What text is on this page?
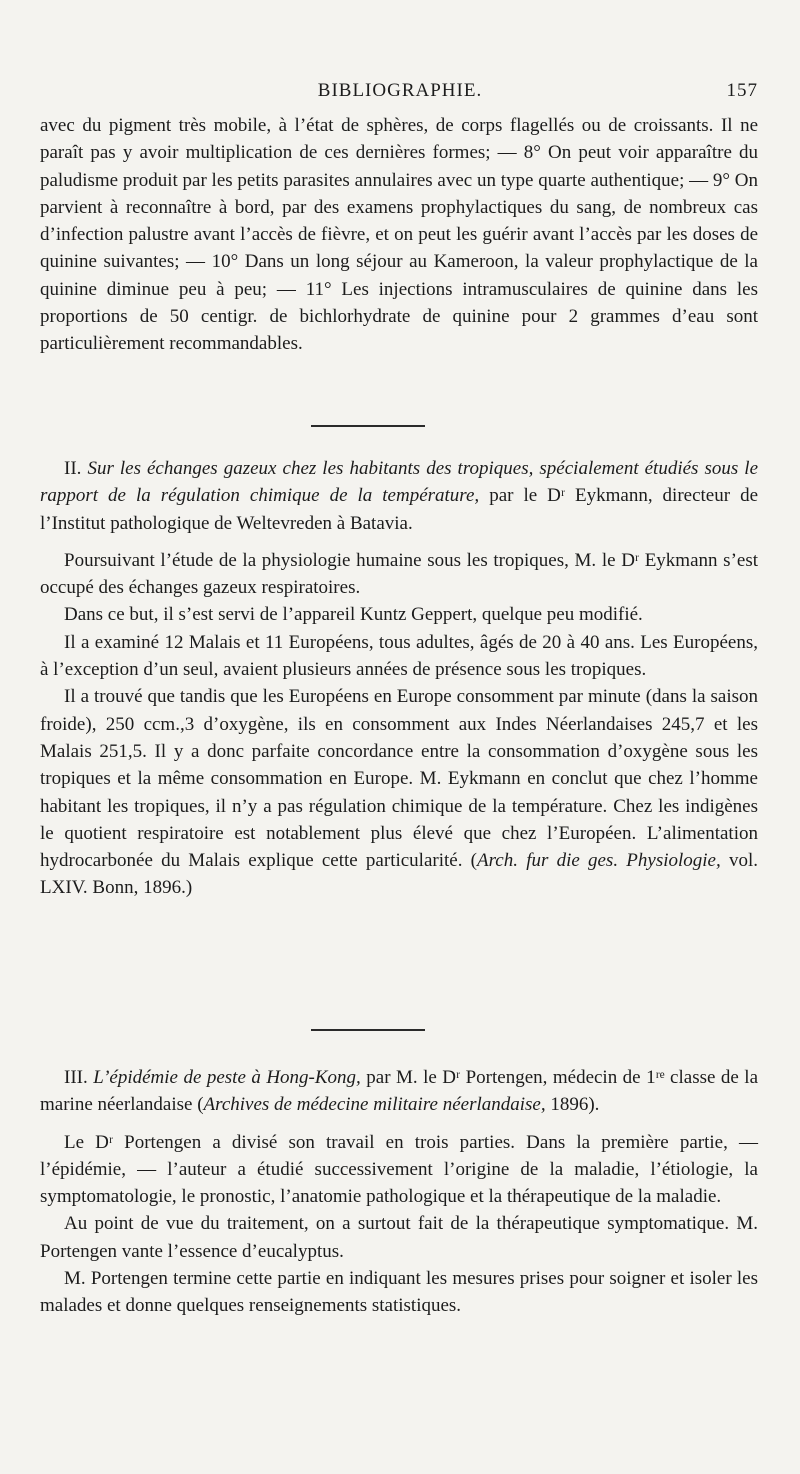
BIBLIOGRAPHIE.	157

avec du pigment très mobile, à l’état de sphères, de corps flagellés ou de croissants. Il ne paraît pas y avoir multiplication de ces dernières formes; — 8° On peut voir apparaître du paludisme produit par les petits parasites annulaires avec un type quarte authentique; — 9° On parvient à reconnaître à bord, par des examens prophylactiques du sang, de nombreux cas d’infection palustre avant l’accès de fièvre, et on peut les guérir avant l’accès par les doses de quinine suivantes; — 10° Dans un long séjour au Kameroon, la valeur prophylactique de la quinine diminue peu à peu; — 11° Les injections intramusculaires de quinine dans les proportions de 50 centigr. de bichlorhydrate de quinine pour 2 grammes d’eau sont particulièrement recommandables.

II. Sur les échanges gazeux chez les habitants des tropiques, spécialement étudiés sous le rapport de la régulation chimique de la température, par le Dʳ Eykmann, directeur de l’Institut pathologique de Weltevreden à Batavia.

Poursuivant l’étude de la physiologie humaine sous les tropiques, M. le Dʳ Eykmann s’est occupé des échanges gazeux respiratoires.

Dans ce but, il s’est servi de l’appareil Kuntz Geppert, quelque peu modifié.

Il a examiné 12 Malais et 11 Européens, tous adultes, âgés de 20 à 40 ans. Les Européens, à l’exception d’un seul, avaient plusieurs années de présence sous les tropiques.

Il a trouvé que tandis que les Européens en Europe consomment par minute (dans la saison froide), 250 ccm.,3 d’oxygène, ils en consomment aux Indes Néerlandaises 245,7 et les Malais 251,5. Il y a donc parfaite concordance entre la consommation d’oxygène sous les tropiques et la même consommation en Europe. M. Eykmann en conclut que chez l’homme habitant les tropiques, il n’y a pas régulation chimique de la température. Chez les indigènes le quotient respiratoire est notablement plus élevé que chez l’Européen. L’alimentation hydrocarbonée du Malais explique cette particularité. (Arch. fur die ges. Physiologie, vol. LXIV. Bonn, 1896.)

III. L’épidémie de peste à Hong-Kong, par M. le Dʳ Portengen, médecin de 1ʳᵉ classe de la marine néerlandaise (Archives de médecine militaire néerlandaise, 1896).

Le Dʳ Portengen a divisé son travail en trois parties. Dans la première partie, — l’épidémie, — l’auteur a étudié successivement l’origine de la maladie, l’étiologie, la symptomatologie, le pronostic, l’anatomie pathologique et la thérapeutique de la maladie.

Au point de vue du traitement, on a surtout fait de la thérapeutique symptomatique. M. Portengen vante l’essence d’eucalyptus.

M. Portengen termine cette partie en indiquant les mesures prises pour soigner et isoler les malades et donne quelques renseignements statistiques.
